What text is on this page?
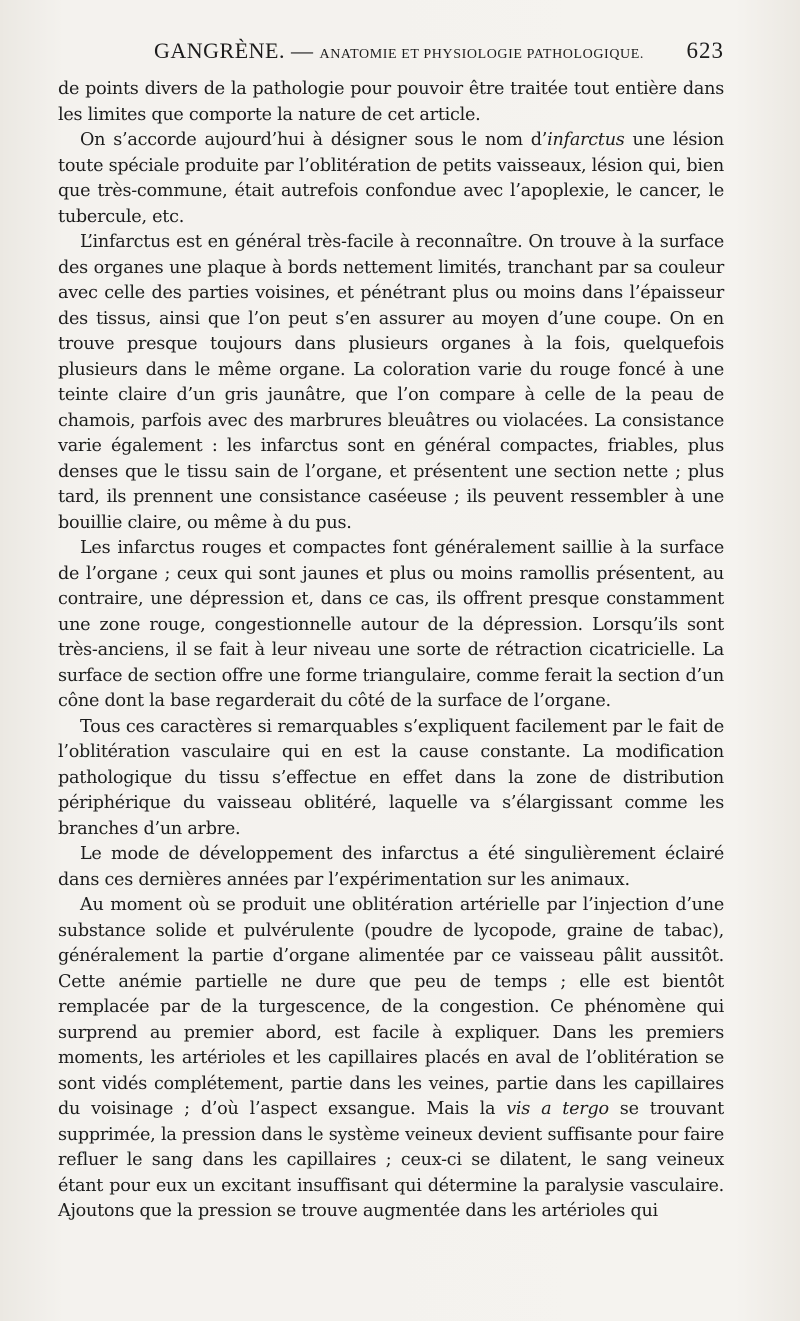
GANGRÈNE. — ANATOMIE ET PHYSIOLOGIE PATHOLOGIQUE. 623

de points divers de la pathologie pour pouvoir être traitée tout entière dans les limites que comporte la nature de cet article.

On s’accorde aujourd’hui à désigner sous le nom d’infarctus une lésion toute spéciale produite par l’oblitération de petits vaisseaux, lésion qui, bien que très-commune, était autrefois confondue avec l’apoplexie, le cancer, le tubercule, etc.

L’infarctus est en général très-facile à reconnaître. On trouve à la surface des organes une plaque à bords nettement limités, tranchant par sa couleur avec celle des parties voisines, et pénétrant plus ou moins dans l’épaisseur des tissus, ainsi que l’on peut s’en assurer au moyen d’une coupe. On en trouve presque toujours dans plusieurs organes à la fois, quelquefois plusieurs dans le même organe. La coloration varie du rouge foncé à une teinte claire d’un gris jaunâtre, que l’on compare à celle de la peau de chamois, parfois avec des marbrures bleuâtres ou violacées. La consistance varie également : les infarctus sont en général compactes, friables, plus denses que le tissu sain de l’organe, et présentent une section nette ; plus tard, ils prennent une consistance caséeuse ; ils peuvent ressembler à une bouillie claire, ou même à du pus.

Les infarctus rouges et compactes font généralement saillie à la surface de l’organe ; ceux qui sont jaunes et plus ou moins ramollis présentent, au contraire, une dépression et, dans ce cas, ils offrent presque constamment une zone rouge, congestionnelle autour de la dépression. Lorsqu’ils sont très-anciens, il se fait à leur niveau une sorte de rétraction cicatricielle. La surface de section offre une forme triangulaire, comme ferait la section d’un cône dont la base regarderait du côté de la surface de l’organe.

Tous ces caractères si remarquables s’expliquent facilement par le fait de l’oblitération vasculaire qui en est la cause constante. La modification pathologique du tissu s’effectue en effet dans la zone de distribution périphérique du vaisseau oblitéré, laquelle va s’élargissant comme les branches d’un arbre.

Le mode de développement des infarctus a été singulièrement éclairé dans ces dernières années par l’expérimentation sur les animaux.

Au moment où se produit une oblitération artérielle par l’injection d’une substance solide et pulvérulente (poudre de lycopode, graine de tabac), généralement la partie d’organe alimentée par ce vaisseau pâlit aussitôt. Cette anémie partielle ne dure que peu de temps ; elle est bientôt remplacée par de la turgescence, de la congestion. Ce phénomène qui surprend au premier abord, est facile à expliquer. Dans les premiers moments, les artérioles et les capillaires placés en aval de l’oblitération se sont vidés complétement, partie dans les veines, partie dans les capillaires du voisinage ; d’où l’aspect exsangue. Mais la vis a tergo se trouvant supprimée, la pression dans le système veineux devient suffisante pour faire refluer le sang dans les capillaires ; ceux-ci se dilatent, le sang veineux étant pour eux un excitant insuffisant qui détermine la paralysie vasculaire. Ajoutons que la pression se trouve augmentée dans les artérioles qui
